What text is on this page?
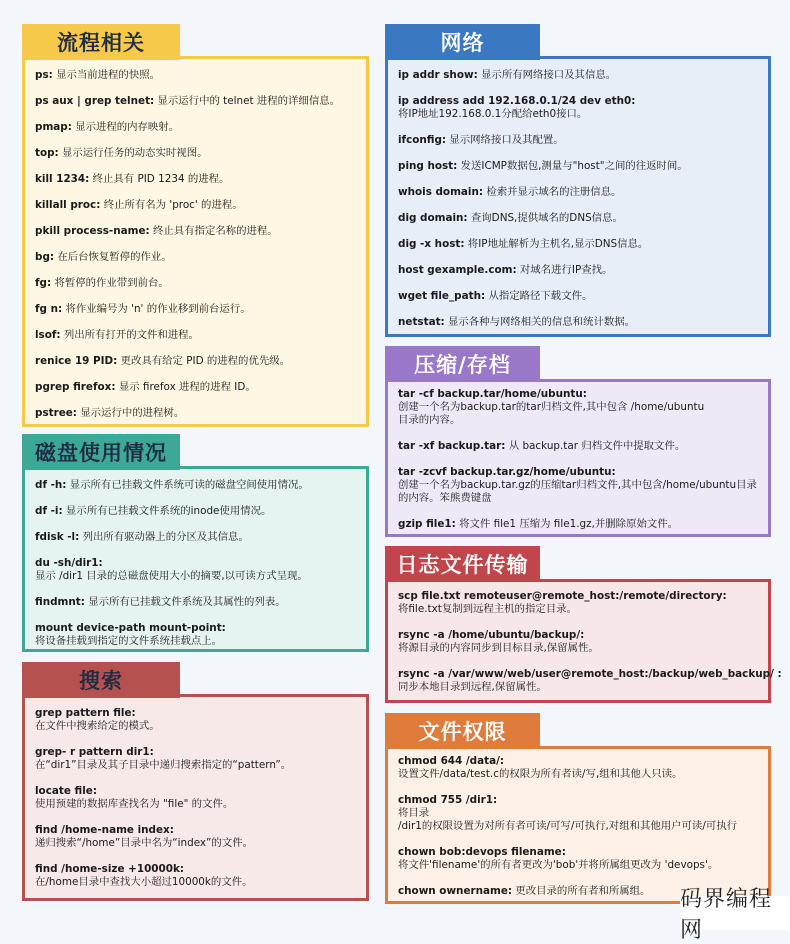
ps: 显示当前进程的快照。
ps aux | grep telnet: 显示运行中的 telnet 进程的详细信息。
pmap: 显示进程的内存映射。
top: 显示运行任务的动态实时视图。
kill 1234: 终止具有 PID 1234 的进程。
killall proc: 终止所有名为 'proc' 的进程。
pkill process-name: 终止具有指定名称的进程。
bg: 在后台恢复暂停的作业。
fg: 将暂停的作业带到前台。
fg n: 将作业编号为 'n' 的作业移到前台运行。
lsof: 列出所有打开的文件和进程。
renice 19 PID: 更改具有给定 PID 的进程的优先级。
pgrep firefox: 显示 firefox 进程的进程 ID。
pstree: 显示运行中的进程树。
流程相关
df -h: 显示所有已挂载文件系统可读的磁盘空间使用情况。
df -i: 显示所有已挂载文件系统的inode使用情况。
fdisk -l: 列出所有驱动器上的分区及其信息。
du -sh/dir1:
显示 /dir1 目录的总磁盘使用大小的摘要,以可读方式呈现。
findmnt: 显示所有已挂载文件系统及其属性的列表。
mount device-path mount-point:
将设备挂载到指定的文件系统挂载点上。
磁盘使用情况
grep pattern file:
在文件中搜索给定的模式。
grep- r pattern dir1:
在“dir1”目录及其子目录中递归搜索指定的“pattern”。
locate file:
使用预建的数据库查找名为 "file" 的文件。
find /home-name index:
递归搜索“/home”目录中名为“index”的文件。
find /home-size +10000k:
在/home目录中查找大小超过10000k的文件。
搜索
ip addr show: 显示所有网络接口及其信息。
ip address add 192.168.0.1/24 dev eth0:
将IP地址192.168.0.1分配给eth0接口。
ifconfig: 显示网络接口及其配置。
ping host: 发送ICMP数据包,测量与"host"之间的往返时间。
whois domain: 检索并显示域名的注册信息。
dig domain: 查询DNS,提供域名的DNS信息。
dig -x host: 将IP地址解析为主机名,显示DNS信息。
host gexample.com: 对域名进行IP查找。
wget file_path: 从指定路径下载文件。
netstat: 显示各种与网络相关的信息和统计数据。
网络
tar -cf backup.tar/home/ubuntu:
创建一个名为backup.tar的tar归档文件,其中包含 /home/ubuntu
目录的内容。
tar -xf backup.tar: 从 backup.tar 归档文件中提取文件。
tar -zcvf backup.tar.gz/home/ubuntu:
创建一个名为backup.tar.gz的压缩tar归档文件,其中包含/home/ubuntu目录
的内容。笨熊费键盘
gzip file1: 将文件 file1 压缩为 file1.gz,并删除原始文件。
压缩/存档
scp file.txt remoteuser@remote_host:/remote/directory:
将file.txt复制到远程主机的指定目录。
rsync -a /home/ubuntu/backup/:
将源目录的内容同步到目标目录,保留属性。
rsync -a /var/www/web/user@remote_host:/backup/web_backup/ :
同步本地目录到远程,保留属性。
日志文件传输
chmod 644 /data/:
设置文件/data/test.c的权限为所有者读/写,组和其他人只读。
chmod 755 /dir1:
将目录
/dir1的权限设置为对所有者可读/可写/可执行,对组和其他用户可读/可执行
chown bob:devops filename:
将文件'filename'的所有者更改为'bob'并将所属组更改为 'devops'。
chown ownername: 更改目录的所有者和所属组。
文件权限
码界编程网
